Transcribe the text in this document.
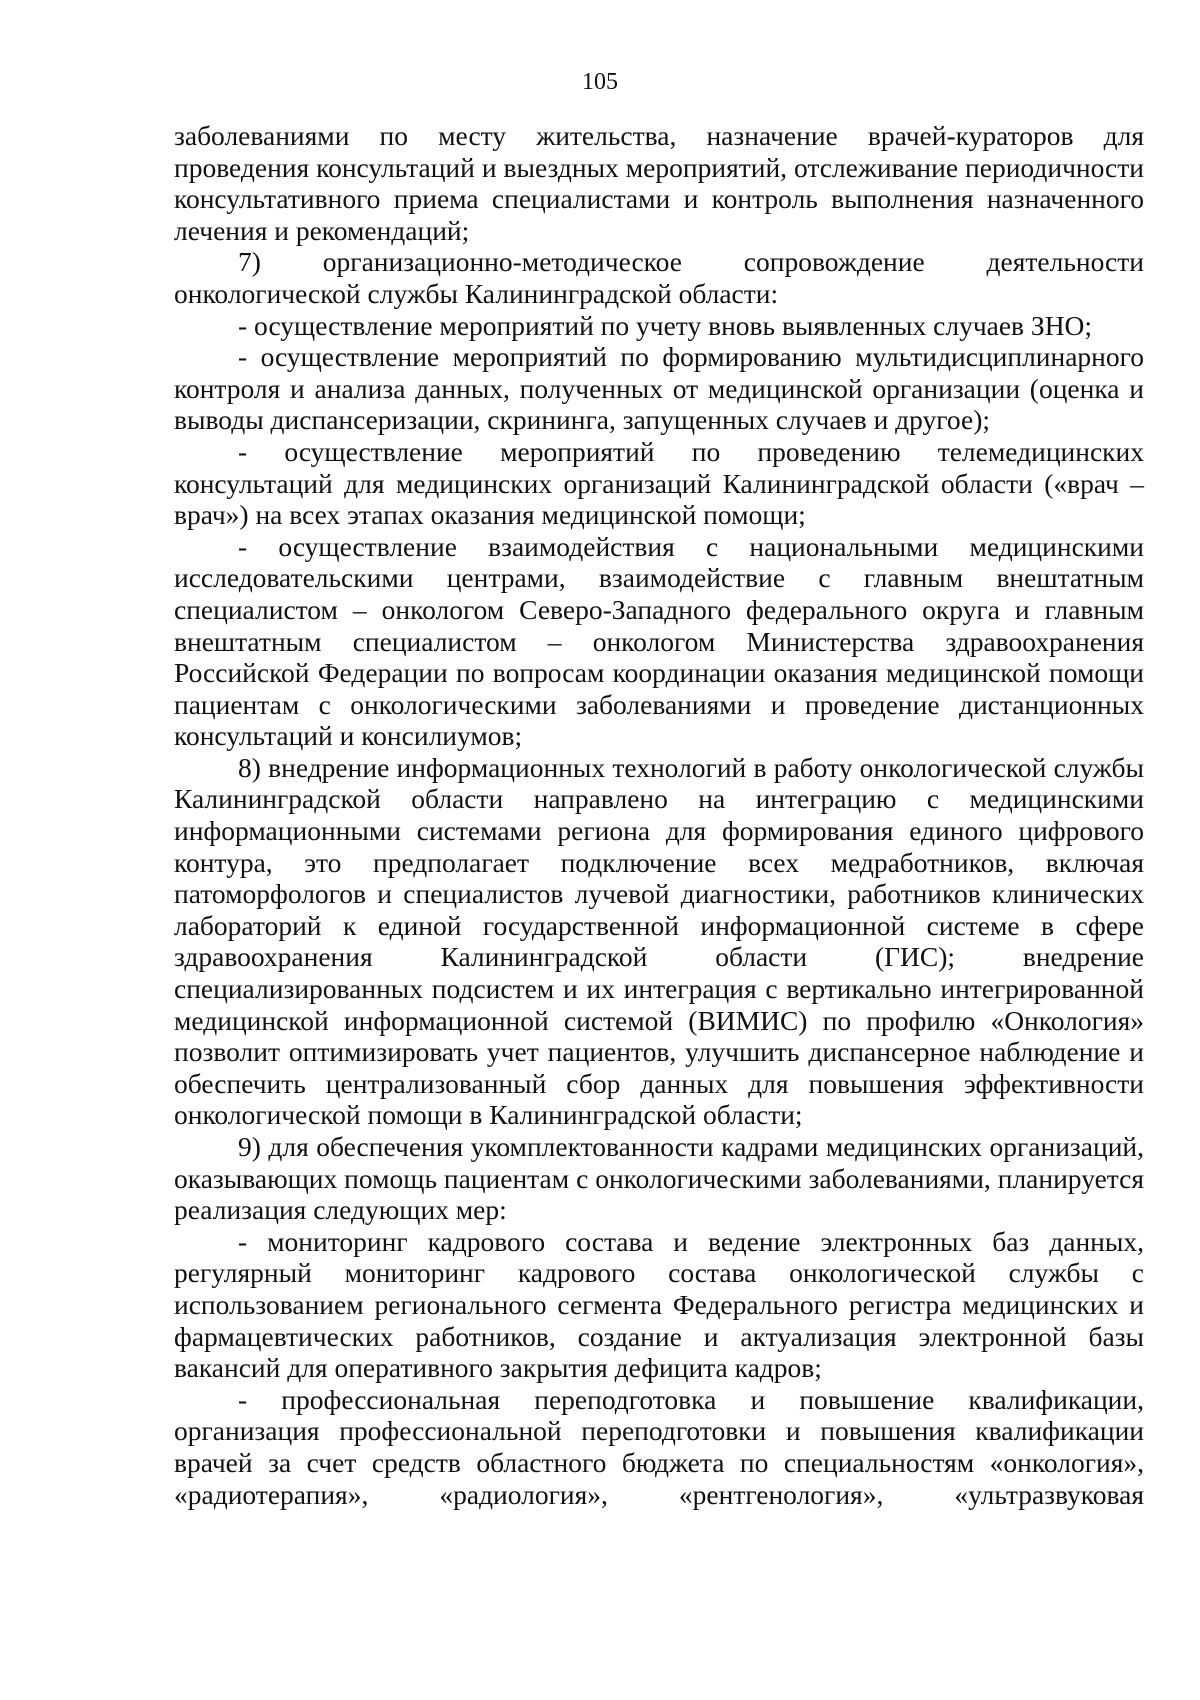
105

заболеваниями по месту жительства, назначение врачей-кураторов для проведения консультаций и выездных мероприятий, отслеживание периодичности консультативного приема специалистами и контроль выполнения назначенного лечения и рекомендаций;

7) организационно-методическое сопровождение деятельности онкологической службы Калининградской области:

- осуществление мероприятий по учету вновь выявленных случаев ЗНО;

- осуществление мероприятий по формированию мультидисциплинарного контроля и анализа данных, полученных от медицинской организации (оценка и выводы диспансеризации, скрининга, запущенных случаев и другое);

- осуществление мероприятий по проведению телемедицинских консультаций для медицинских организаций Калининградской области («врач – врач») на всех этапах оказания медицинской помощи;

- осуществление взаимодействия с национальными медицинскими исследовательскими центрами, взаимодействие с главным внештатным специалистом – онкологом Северо-Западного федерального округа и главным внештатным специалистом – онкологом Министерства здравоохранения Российской Федерации по вопросам координации оказания медицинской помощи пациентам с онкологическими заболеваниями и проведение дистанционных консультаций и консилиумов;

8) внедрение информационных технологий в работу онкологической службы Калининградской области направлено на интеграцию с медицинскими информационными системами региона для формирования единого цифрового контура, это предполагает подключение всех медработников, включая патоморфологов и специалистов лучевой диагностики, работников клинических лабораторий к единой государственной информационной системе в сфере здравоохранения Калининградской области (ГИС); внедрение специализированных подсистем и их интеграция с вертикально интегрированной медицинской информационной системой (ВИМИС) по профилю «Онкология» позволит оптимизировать учет пациентов, улучшить диспансерное наблюдение и обеспечить централизованный сбор данных для повышения эффективности онкологической помощи в Калининградской области;

9) для обеспечения укомплектованности кадрами медицинских организаций, оказывающих помощь пациентам с онкологическими заболеваниями, планируется реализация следующих мер:

- мониторинг кадрового состава и ведение электронных баз данных, регулярный мониторинг кадрового состава онкологической службы с использованием регионального сегмента Федерального регистра медицинских и фармацевтических работников, создание и актуализация электронной базы вакансий для оперативного закрытия дефицита кадров;

- профессиональная переподготовка и повышение квалификации, организация профессиональной переподготовки и повышения квалификации врачей за счет средств областного бюджета по специальностям «онкология», «радиотерапия», «радиология», «рентгенология», «ультразвуковая
